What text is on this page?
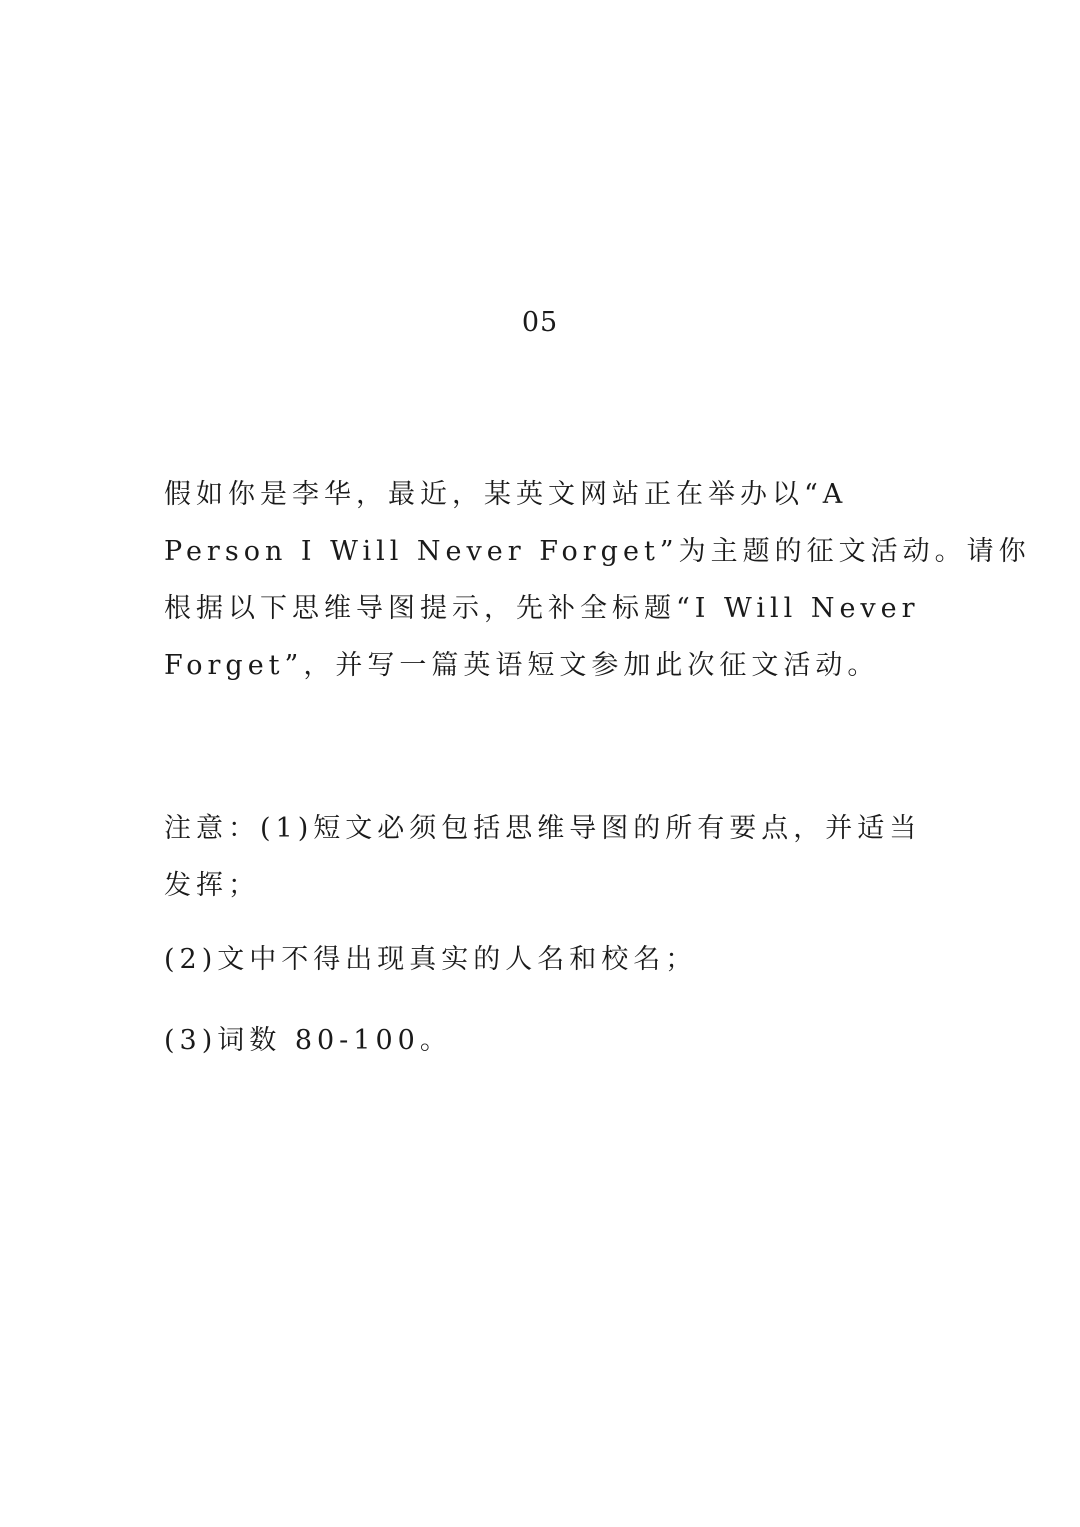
05
假如你是李华，最近，某英文网站正在举办以“A
Person I Will Never Forget”为主题的征文活动。请你
根据以下思维导图提示，先补全标题“I Will Never
Forget”，并写一篇英语短文参加此次征文活动。
注意：(1)短文必须包括思维导图的所有要点，并适当
发挥；
(2)文中不得出现真实的人名和校名；
(3)词数 80-100。
